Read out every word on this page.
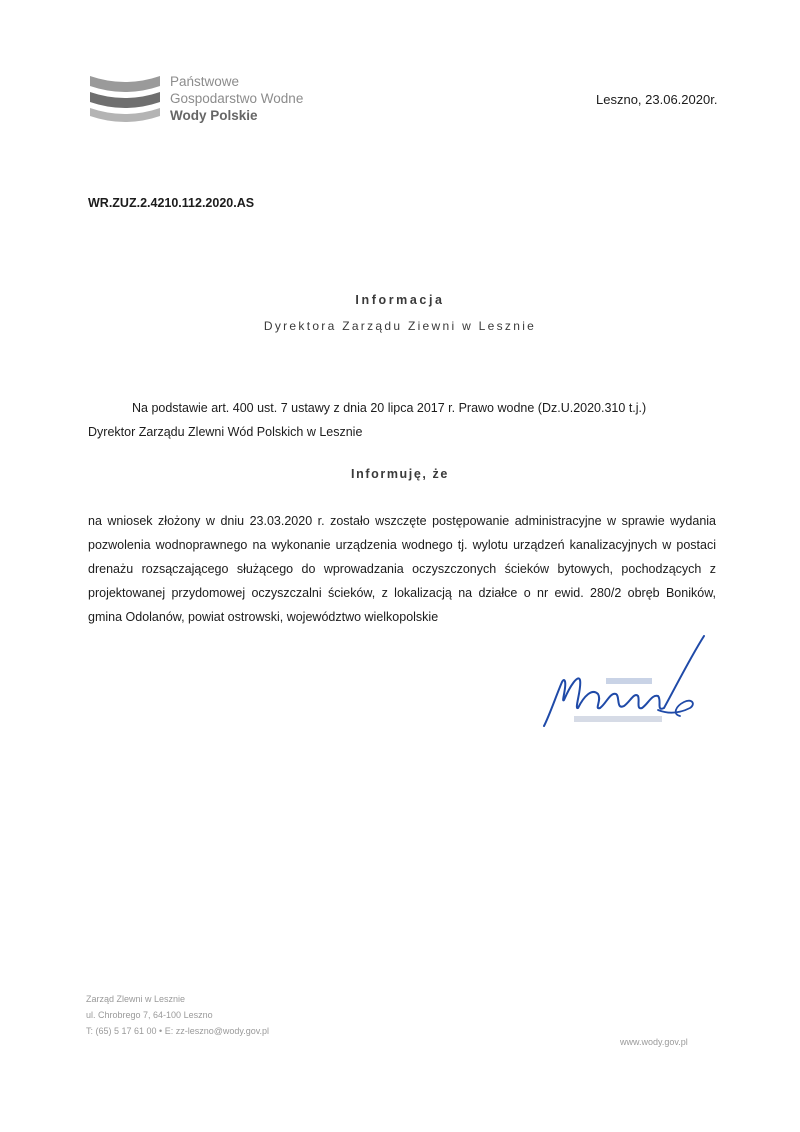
Państwowe
Gospodarstwo Wodne
Wody Polskie
Leszno, 23.06.2020r.
WR.ZUZ.2.4210.112.2020.AS
Informacja
Dyrektora Zarządu Ziewni w Lesznie
Na podstawie art. 400 ust. 7 ustawy z dnia 20 lipca 2017 r. Prawo wodne (Dz.U.2020.310 t.j.)
Dyrektor Zarządu Zlewni Wód Polskich w Lesznie
Informuję, że
na wniosek złożony w dniu 23.03.2020 r. zostało wszczęte postępowanie administracyjne w sprawie wydania pozwolenia wodnoprawnego na wykonanie urządzenia wodnego tj. wylotu urządzeń kanalizacyjnych w postaci drenażu rozsączającego służącego do wprowadzania oczyszczonych ścieków bytowych, pochodzących z projektowanej przydomowej oczyszczalni ścieków, z lokalizacją na działce o nr ewid. 280/2 obręb Boników, gmina Odolanów, powiat ostrowski, województwo wielkopolskie
Zarząd Zlewni w Lesznie
ul. Chrobrego 7, 64-100 Leszno
T: (65) 5 17 61 00 • E: zz-leszno@wody.gov.pl
www.wody.gov.pl
